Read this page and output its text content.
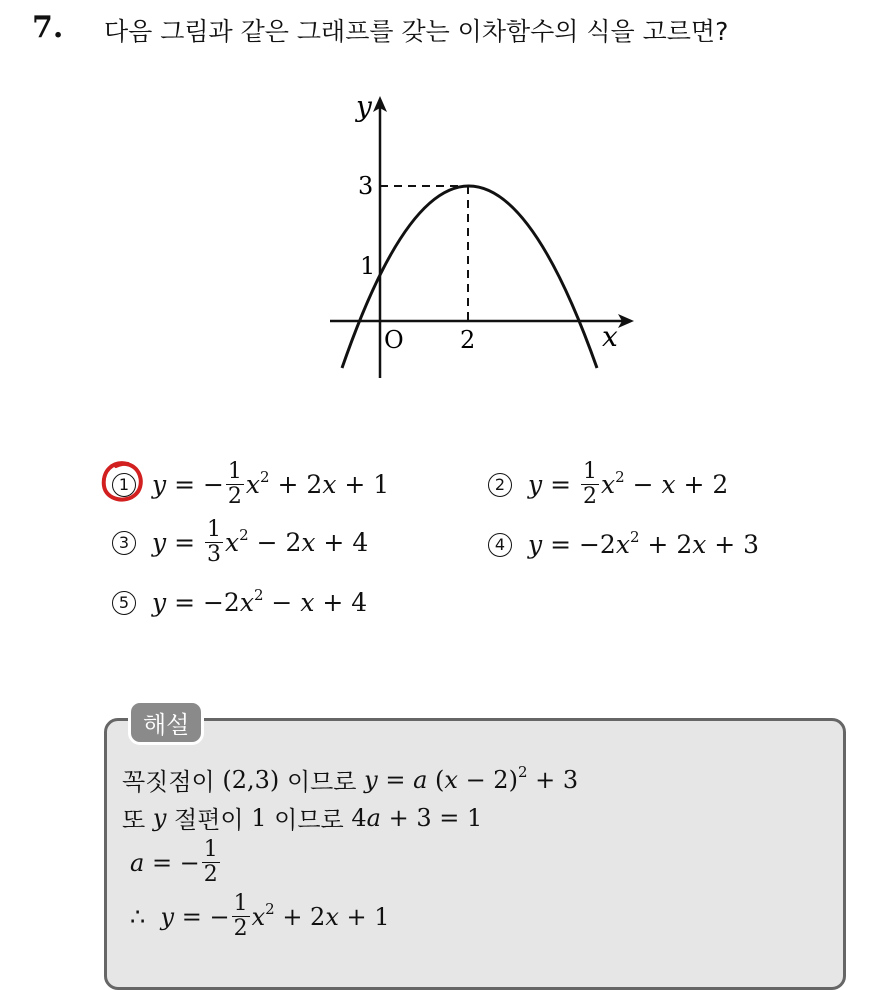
7. 다음 그림과 같은 그래프를 갖는 이차함수의 식을 고르면?
y
x
O
3
1
2
1 y = − $\frac{1}{2} x^2 + 2$ x + 1	2 $y = \frac{1}{2} x^2 - x + 2$
3 $y = \frac{1}{3} x^2 - 2$ x + 4	4 y = −2 $x^2 + 2$ x + 3
5 y = −2 $x^2 - x + 4$
해설
꼭짓점이
(2,3)
이므로
y = a ( x − 2)$^2$ + 3
또
y
절편이
1
이므로
4 a + 3 = 1
a = − $\frac{1}{2}$
∴
y = − $\frac{1}{2} x^2 + 2$ x + 1
